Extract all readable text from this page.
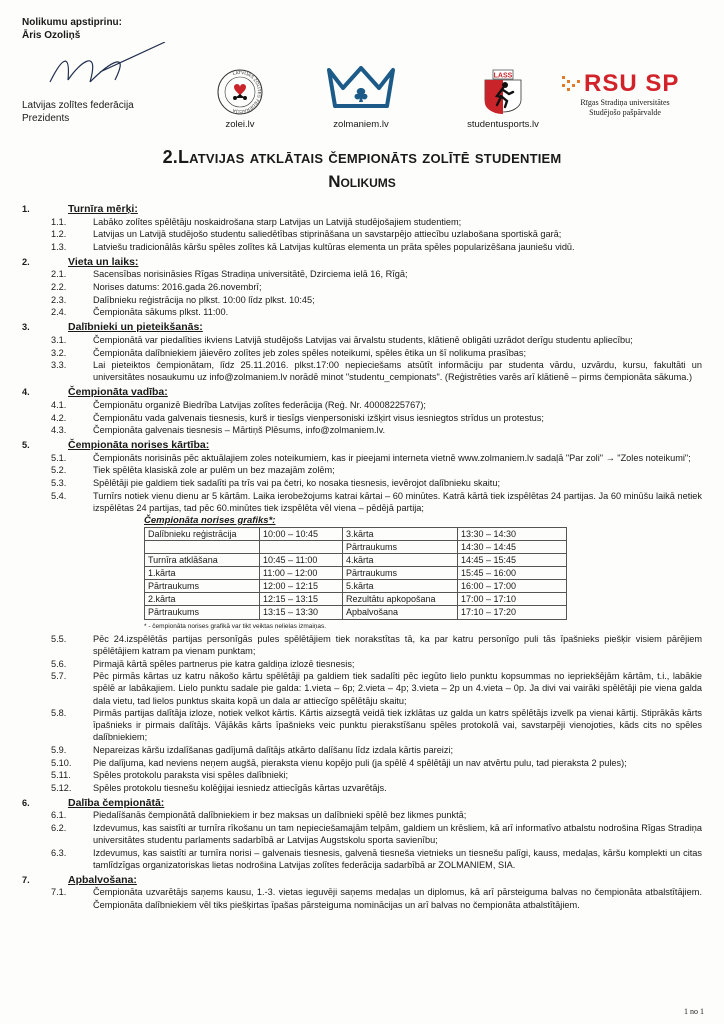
Nolikumu apstiprinu:
Āris Ozoliņš
Latvijas zolītes federācija
Prezidents
LATVIJAS ZOLĪTES FEDERĀCIJA
zolei.lv	zolmaniem.lv
LASS
studentusports.lv
RSU SP
Rīgas Stradiņa universitātes
Studējošo pašpārvalde
2.Latvijas atklātais čempionāts zolītē studentiem
Nolikums
1.	Turnīra mērķi:
1.1.	Labāko zolītes spēlētāju noskaidrošana starp Latvijas un Latvijā studējošajiem studentiem;
1.2.	Latvijas un Latvijā studējošo studentu saliedētības stiprināšana un savstarpējo attiecību uzlabošana sportiskā garā;
1.3.	Latviešu tradicionālās kāršu spēles zolītes kā Latvijas kultūras elementa un prāta spēles popularizēšana jauniešu vidū.
2.	Vieta un laiks:
2.1.	Sacensības norisināsies Rīgas Stradiņa universitātē, Dzirciema ielā 16, Rīgā;
2.2.	Norises datums: 2016.gada 26.novembrī;
2.3.	Dalībnieku reģistrācija no plkst. 10:00 līdz plkst. 10:45;
2.4.	Čempionāta sākums plkst. 11:00.
3.	Dalībnieki un pieteikšanās:
3.1.	Čempionātā var piedalīties ikviens Latvijā studējošs Latvijas vai ārvalstu students, klātienē obligāti uzrādot derīgu studentu apliecību;
3.2.	Čempionāta dalībniekiem jāievēro zolītes jeb zoles spēles noteikumi, spēles ētika un šī nolikuma prasības;
3.3.	Lai pieteiktos čempionātam, līdz 25.11.2016. plkst.17:00 nepieciešams atsūtīt informāciju par studenta vārdu, uzvārdu, kursu, fakultāti un universitātes nosaukumu uz info@zolmaniem.lv norādē minot "studentu_cempionats". (Reģistrēties varēs arī klātienē – pirms čempionāta sākuma.)
4.	Čempionāta vadība:
4.1.	Čempionātu organizē Biedrība Latvijas zolītes federācija (Reģ. Nr. 40008225767);
4.2.	Čempionātu vada galvenais tiesnesis, kurš ir tiesīgs vienpersoniski izšķirt visus iesniegtos strīdus un protestus;
4.3.	Čempionāta galvenais tiesnesis – Mārtiņš Plēsums, info@zolmaniem.lv.
5.	Čempionāta norises kārtība:
5.1.	Čempionāts norisinās pēc aktuālajiem zoles noteikumiem, kas ir pieejami interneta vietnē www.zolmaniem.lv sadaļā "Par zoli" → "Zoles noteikumi";
5.2.	Tiek spēlēta klasiskā zole ar pulēm un bez mazajām zolēm;
5.3.	Spēlētāji pie galdiem tiek sadalīti pa trīs vai pa četri, ko nosaka tiesnesis, ievērojot dalībnieku skaitu;
5.4.	Turnīrs notiek vienu dienu ar 5 kārtām. Laika ierobežojums katrai kārtai – 60 minūtes. Katrā kārtā tiek izspēlētas 24 partijas. Ja 60 minūšu laikā netiek izspēlētas 24 partijas, tad pēc 60.minūtes tiek izspēlēta vēl viena – pēdējā partija;
Čempionāta norises grafiks*:
Dalībnieku reģistrācija	10:00 – 10:45	3.kārta	13:30 – 14:30
		Pārtraukums	14:30 – 14:45
Turnīra atklāšana	10:45 – 11:00	4.kārta	14:45 – 15:45
1.kārta	11:00 – 12:00	Pārtraukums	15:45 – 16:00
Pārtraukums	12:00 – 12:15	5.kārta	16:00 – 17:00
2.kārta	12:15 – 13:15	Rezultātu apkopošana	17:00 – 17:10
Pārtraukums	13:15 – 13:30	Apbalvošana	17:10 – 17:20
* - čempionāta norises grafikā var tikt veiktas nelielas izmaiņas.
5.5.	Pēc 24.izspēlētās partijas personīgās pules spēlētājiem tiek norakstītas tā, ka par katru personīgo puli tās īpašnieks piešķir visiem pārējiem spēlētājiem katram pa vienam punktam;
5.6.	Pirmajā kārtā spēles partnerus pie katra galdiņa izlozē tiesnesis;
5.7.	Pēc pirmās kārtas uz katru nākošo kārtu spēlētāji pa galdiem tiek sadalīti pēc iegūto lielo punktu kopsummas no iepriekšējām kārtām, t.i., labākie spēlē ar labākajiem. Lielo punktu sadale pie galda: 1.vieta – 6p; 2.vieta – 4p; 3.vieta – 2p un 4.vieta – 0p. Ja divi vai vairāki spēlētāji pie viena galda dala vietu, tad lielos punktus skaita kopā un dala ar attiecīgo spēlētāju skaitu;
5.8.	Pirmās partijas dalītāja izloze, notiek velkot kārtis. Kārtis aizsegtā veidā tiek izklātas uz galda un katrs spēlētājs izvelk pa vienai kārtij. Stiprākās kārts īpašnieks ir pirmais dalītājs. Vājākās kārts īpašnieks veic punktu pierakstīšanu spēles protokolā vai, savstarpēji vienojoties, kāds cits no spēles dalībniekiem;
5.9.	Nepareizas kāršu izdalīšanas gadījumā dalītājs atkārto dalīšanu līdz izdala kārtis pareizi;
5.10.	Pie dalījuma, kad neviens neņem augšā, pieraksta vienu kopējo puli (ja spēlē 4 spēlētāji un nav atvērtu pulu, tad pieraksta 2 pules);
5.11.	Spēles protokolu paraksta visi spēles dalībnieki;
5.12.	Spēles protokolu tiesnešu kolēģijai iesniedz attiecīgās kārtas uzvarētājs.
6.	Dalība čempionātā:
6.1.	Piedalīšanās čempionātā dalībniekiem ir bez maksas un dalībnieki spēlē bez likmes punktā;
6.2.	Izdevumus, kas saistīti ar turnīra rīkošanu un tam nepieciešamajām telpām, galdiem un krēsliem, kā arī informatīvo atbalstu nodrošina Rīgas Stradiņa universitātes studentu parlaments sadarbībā ar Latvijas Augstskolu sporta savienību;
6.3.	Izdevumus, kas saistīti ar turnīra norisi – galvenais tiesnesis, galvenā tiesneša vietnieks un tiesnešu palīgi, kauss, medaļas, kāršu komplekti un citas tamlīdzīgas organizatoriskas lietas nodrošina Latvijas zolītes federācija sadarbībā ar ZOLMANIEM, SIA.
7.	Apbalvošana:
7.1.	Čempionāta uzvarētājs saņems kausu, 1.-3. vietas ieguvēji saņems medaļas un diplomus, kā arī pārsteiguma balvas no čempionāta atbalstītājiem. Čempionāta dalībniekiem vēl tiks piešķirtas īpašas pārsteiguma nominācijas un arī balvas no čempionāta atbalstītājiem.
1 no 1
